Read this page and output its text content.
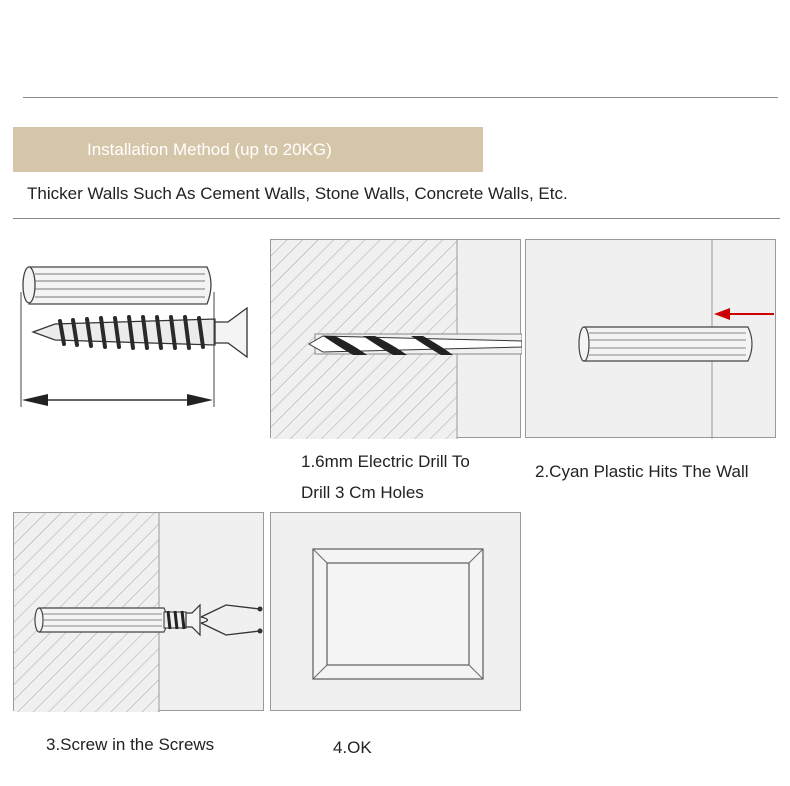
Installation Method (up to 20KG)
Thicker Walls Such As Cement Walls, Stone Walls, Concrete Walls, Etc.
1.6mm Electric Drill To
Drill 3 Cm Holes
2.Cyan Plastic Hits The Wall
3.Screw in the Screws	4.OK
